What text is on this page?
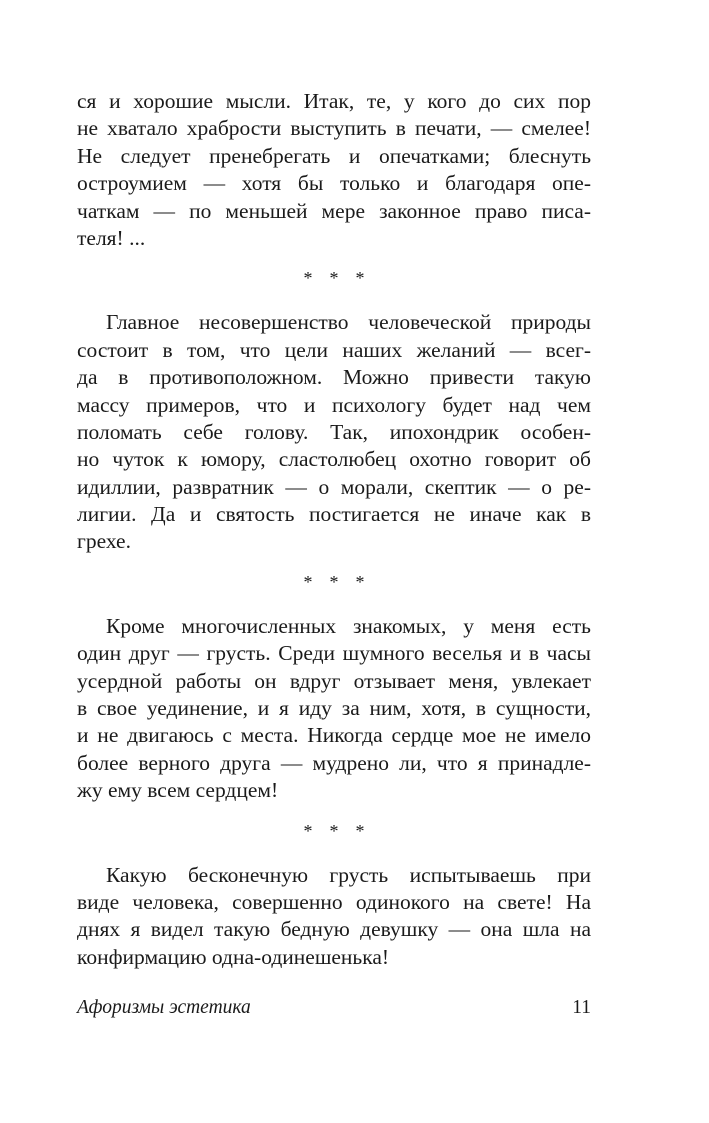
ся и хорошие мысли. Итак, те, у кого до сих пор
не хватало храбрости выступить в печати, — смелее!
Не следует пренебрегать и опечатками; блеснуть
остроумием — хотя бы только и благодаря опе-
чаткам — по меньшей мере законное право писа-
теля! ...
* * *
Главное несовершенство человеческой природы
состоит в том, что цели наших желаний — всег-
да в противоположном. Можно привести такую
массу примеров, что и психологу будет над чем
поломать себе голову. Так, ипохондрик особен-
но чуток к юмору, сластолюбец охотно говорит об
идиллии, развратник — о морали, скептик — о ре-
лигии. Да и святость постигается не иначе как в
грехе.
* * *
Кроме многочисленных знакомых, у меня есть
один друг — грусть. Среди шумного веселья и в часы
усердной работы он вдруг отзывает меня, увлекает
в свое уединение, и я иду за ним, хотя, в сущности,
и не двигаюсь с места. Никогда сердце мое не имело
более верного друга — мудрено ли, что я принадле-
жу ему всем сердцем!
* * *
Какую бесконечную грусть испытываешь при
виде человека, совершенно одинокого на свете! На
днях я видел такую бедную девушку — она шла на
конфирмацию одна-одинешенька!
Афоризмы эстетика	11
